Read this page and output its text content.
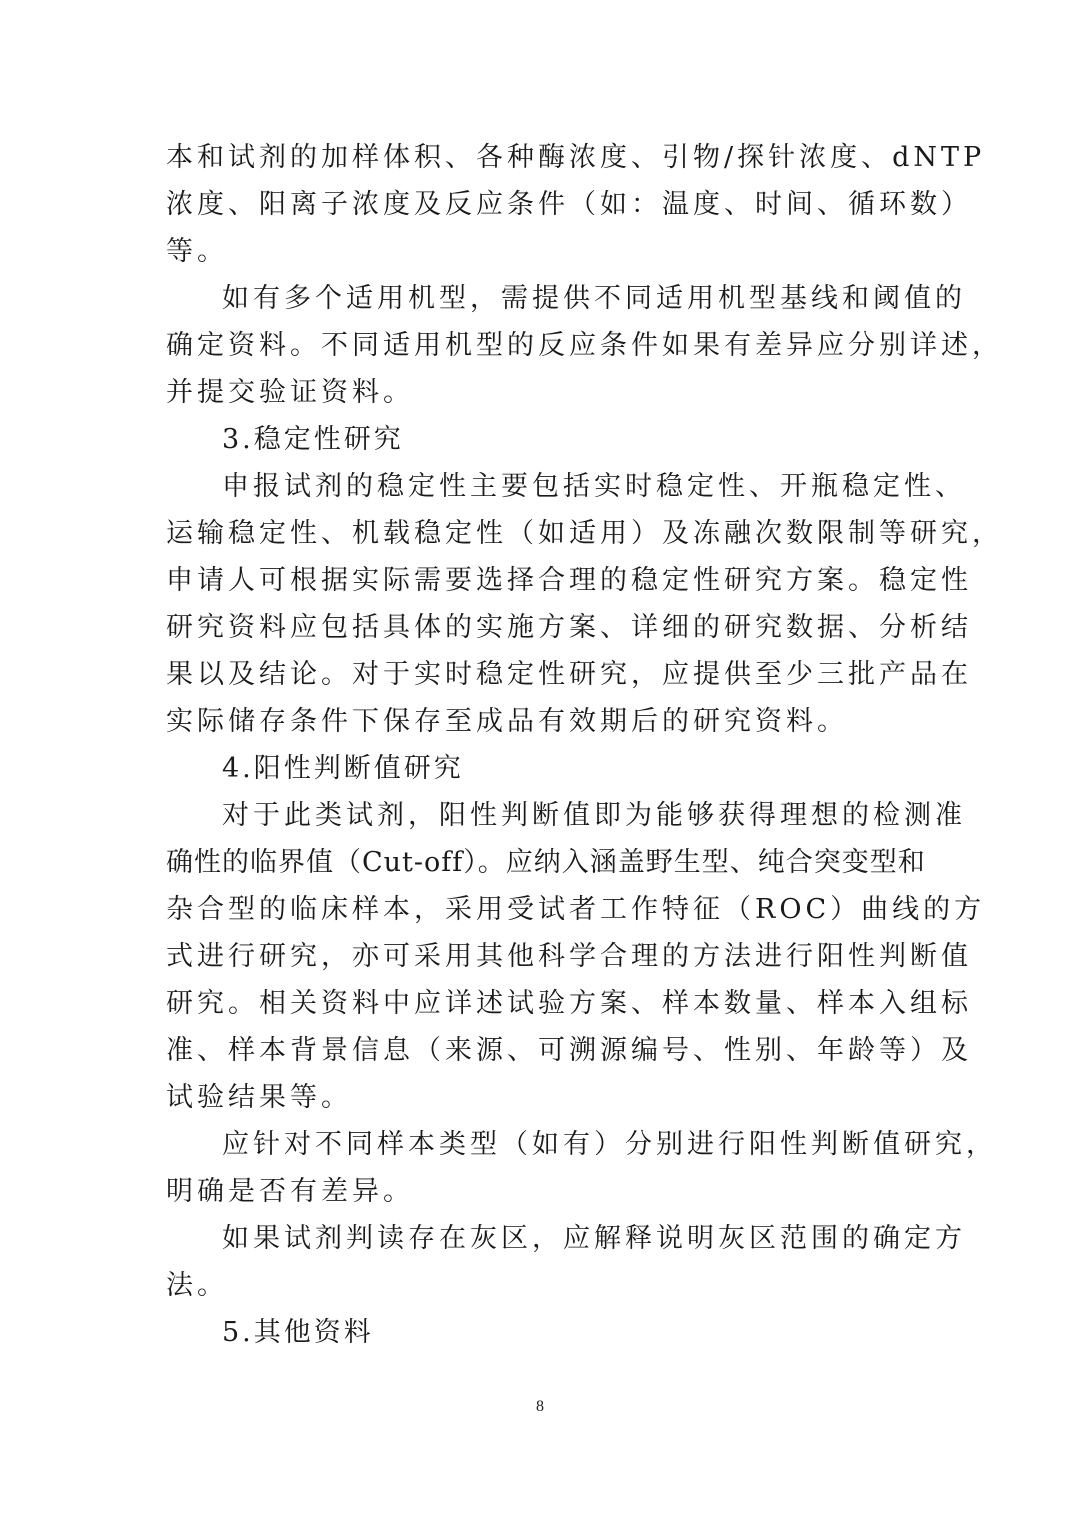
本和试剂的加样体积、各种酶浓度、引物/探针浓度、dNTP
浓度、阳离子浓度及反应条件（如：温度、时间、循环数）
等。

如有多个适用机型，需提供不同适用机型基线和阈值的
确定资料。不同适用机型的反应条件如果有差异应分别详述，
并提交验证资料。

3.稳定性研究

申报试剂的稳定性主要包括实时稳定性、开瓶稳定性、
运输稳定性、机载稳定性（如适用）及冻融次数限制等研究，
申请人可根据实际需要选择合理的稳定性研究方案。稳定性
研究资料应包括具体的实施方案、详细的研究数据、分析结
果以及结论。对于实时稳定性研究，应提供至少三批产品在
实际储存条件下保存至成品有效期后的研究资料。

4.阳性判断值研究

对于此类试剂，阳性判断值即为能够获得理想的检测准
确性的临界值（Cut-off）。应纳入涵盖野生型、纯合突变型和
杂合型的临床样本，采用受试者工作特征（ROC）曲线的方
式进行研究，亦可采用其他科学合理的方法进行阳性判断值
研究。相关资料中应详述试验方案、样本数量、样本入组标
准、样本背景信息（来源、可溯源编号、性别、年龄等）及
试验结果等。

应针对不同样本类型（如有）分别进行阳性判断值研究，
明确是否有差异。

如果试剂判读存在灰区，应解释说明灰区范围的确定方
法。

5.其他资料

8
